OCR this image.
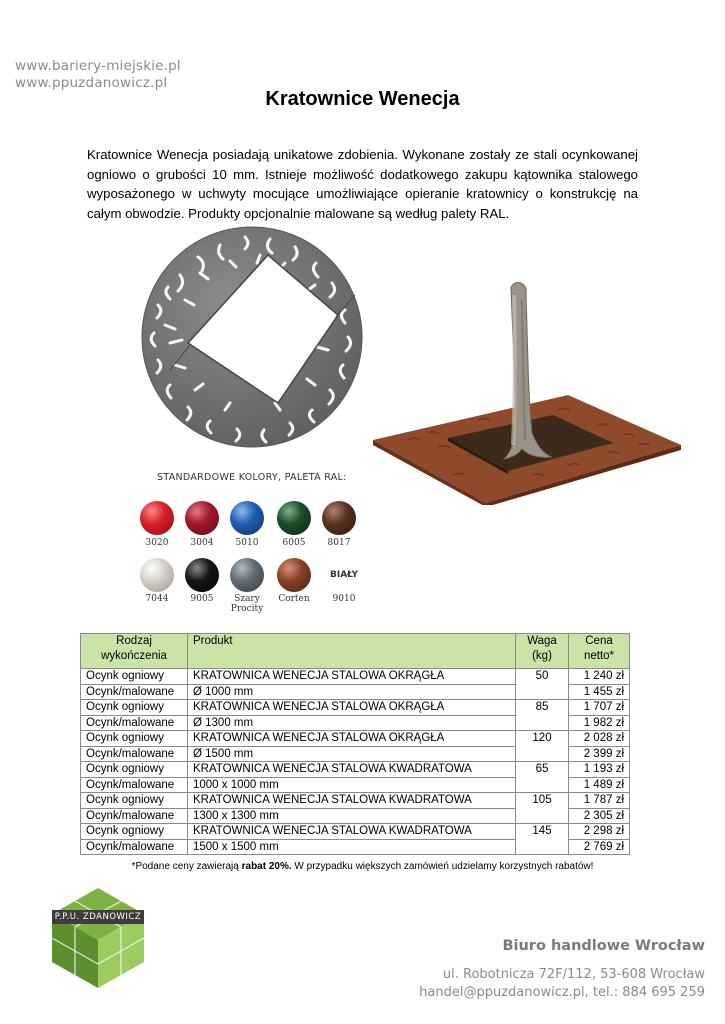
www.bariery-miejskie.pl
www.ppuzdanowicz.pl
Kratownice Wenecja
Kratownice Wenecja posiadają unikatowe zdobienia. Wykonane zostały ze stali ocynkowanej ogniowo o grubości 10 mm. Istnieje możliwość dodatkowego zakupu kątownika stalowego wyposażonego w uchwyty mocujące umożliwiające opieranie kratownicy o konstrukcję na całym obwodzie. Produkty opcjonalnie malowane są według palety RAL.
STANDARDOWE KOLORY, PALETA RAL:
3020	3004	5010	6005	8017
7044	9005	Szary Procity
Corten
BIAŁY
9010
Rodzaj wykończenia	Produkt	Waga (kg)	Cena netto*
Ocynk ogniowy	KRATOWNICA WENECJA STALOWA OKRĄGŁA	50	1 240 zł
Ocynk/malowane	Ø 1000 mm		1 455 zł
Ocynk ogniowy	KRATOWNICA WENECJA STALOWA OKRĄGŁA	85	1 707 zł
Ocynk/malowane	Ø 1300 mm		1 982 zł
Ocynk ogniowy	KRATOWNICA WENECJA STALOWA OKRĄGŁA	120	2 028 zł
Ocynk/malowane	Ø 1500 mm		2 399 zł
Ocynk ogniowy	KRATOWNICA WENECJA STALOWA KWADRATOWA	65	1 193 zł
Ocynk/malowane	1000 x 1000 mm		1 489 zł
Ocynk ogniowy	KRATOWNICA WENECJA STALOWA KWADRATOWA	105	1 787 zł
Ocynk/malowane	1300 x 1300 mm		2 305 zł
Ocynk ogniowy	KRATOWNICA WENECJA STALOWA KWADRATOWA	145	2 298 zł
Ocynk/malowane	1500 x 1500 mm		2 769 zł
*Podane ceny zawierają rabat 20%. W przypadku większych zamówień udzielamy korzystnych rabatów!
P.P.U. ZDANOWICZ
Biuro handlowe Wrocław
ul. Robotnicza 72F/112, 53-608 Wrocław
handel@ppuzdanowicz.pl, tel.: 884 695 259
